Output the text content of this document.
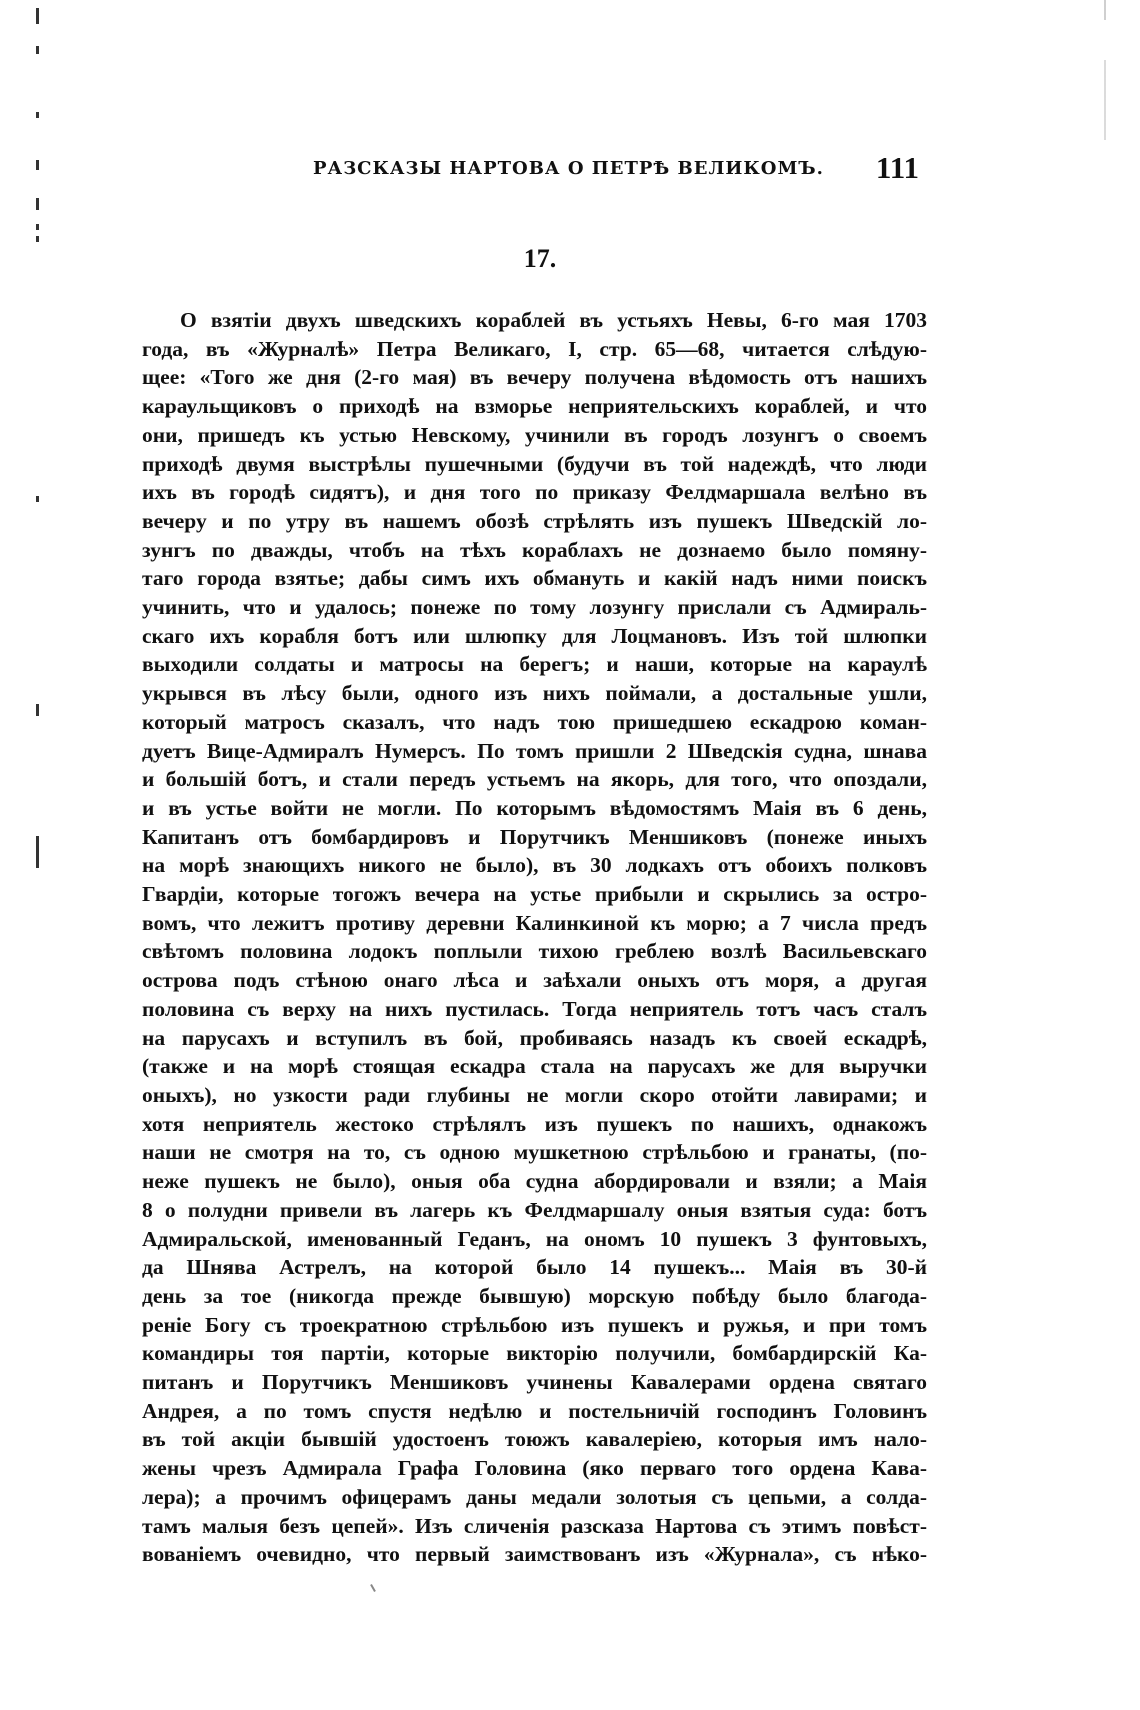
РАЗСКАЗЫ НАРТОВА О ПЕТРѢ ВЕЛИКОМЪ. 111
17.
О взятіи двухъ шведскихъ кораблей въ устьяхъ Невы, 6-го мая 1703
года, въ «Журналѣ» Петра Великаго, I, стр. 65—68, читается слѣдую-
щее: «Того же дня (2-го мая) въ вечеру получена вѣдомость отъ нашихъ
караульщиковъ о приходѣ на взморье неприятельскихъ кораблей, и что
они, пришедъ къ устью Невскому, учинили въ городъ лозунгъ о своемъ
приходѣ двумя выстрѣлы пушечными (будучи въ той надеждѣ, что люди
ихъ въ городѣ сидятъ), и дня того по приказу Фелдмаршала велѣно въ
вечеру и по утру въ нашемъ обозѣ стрѣлять изъ пушекъ Шведскій ло-
зунгъ по дважды, чтобъ на тѣхъ кораблахъ не дознаемо было помяну-
таго города взятье; дабы симъ ихъ обмануть и какій надъ ними поискъ
учинить, что и удалось; понеже по тому лозунгу прислали съ Адмираль-
скаго ихъ корабля ботъ или шлюпку для Лоцмановъ. Изъ той шлюпки
выходили солдаты и матросы на берегъ; и наши, которые на караулѣ
укрывся въ лѣсу были, одного изъ нихъ поймали, а достальные ушли,
который матросъ сказалъ, что надъ тою пришедшею ескадрою коман-
дуетъ Вице-Адмиралъ Нумерсъ. По томъ пришли 2 Шведскія судна, шнава
и большій ботъ, и стали передъ устьемъ на якорь, для того, что опоздали,
и въ устье войти не могли. По которымъ вѣдомостямъ Маія въ 6 день,
Капитанъ отъ бомбардировъ и Порутчикъ Меншиковъ (понеже иныхъ
на морѣ знающихъ никого не было), въ 30 лодкахъ отъ обоихъ полковъ
Гвардіи, которые тогожъ вечера на устье прибыли и скрылись за остро-
вомъ, что лежитъ противу деревни Калинкиной къ морю; а 7 числа предъ
свѣтомъ половина лодокъ поплыли тихою греблею возлѣ Васильевскаго
острова подъ стѣною онаго лѣса и заѣхали оныхъ отъ моря, а другая
половина съ верху на нихъ пустилась. Тогда неприятель тотъ часъ сталъ
на парусахъ и вступилъ въ бой, пробиваясь назадъ къ своей ескадрѣ,
(также и на морѣ стоящая ескадра стала на парусахъ же для выручки
оныхъ), но узкости ради глубины не могли скоро отойти лавирами; и
хотя неприятель жестоко стрѣлялъ изъ пушекъ по нашихъ, однакожъ
наши не смотря на то, съ одною мушкетною стрѣльбою и гранаты, (по-
неже пушекъ не было), оныя оба судна абордировали и взяли; а Маія
8 о полудни привели въ лагерь къ Фелдмаршалу оныя взятыя суда: ботъ
Адмиральской, именованный Геданъ, на ономъ 10 пушекъ 3 фунтовыхъ,
да Шнява Астрелъ, на которой было 14 пушекъ... Маія въ 30-й
день за тое (никогда прежде бывшую) морскую побѣду было благода-
реніе Богу съ троекратною стрѣльбою изъ пушекъ и ружья, и при томъ
командиры тоя партіи, которые викторію получили, бомбардирскій Ка-
питанъ и Порутчикъ Меншиковъ учинены Кавалерами ордена святаго
Андрея, а по томъ спустя недѣлю и постельничій господинъ Головинъ
въ той акціи бывшій удостоенъ тоюжъ кавалеріею, которыя имъ нало-
жены чрезъ Адмирала Графа Головина (яко перваго того ордена Кава-
лера); а прочимъ офицерамъ даны медали золотыя съ цепьми, а солда-
тамъ малыя безъ цепей». Изъ сличенія разсказа Нартова съ этимъ повѣст-
вованіемъ очевидно, что первый заимствованъ изъ «Журнала», съ нѣко-
